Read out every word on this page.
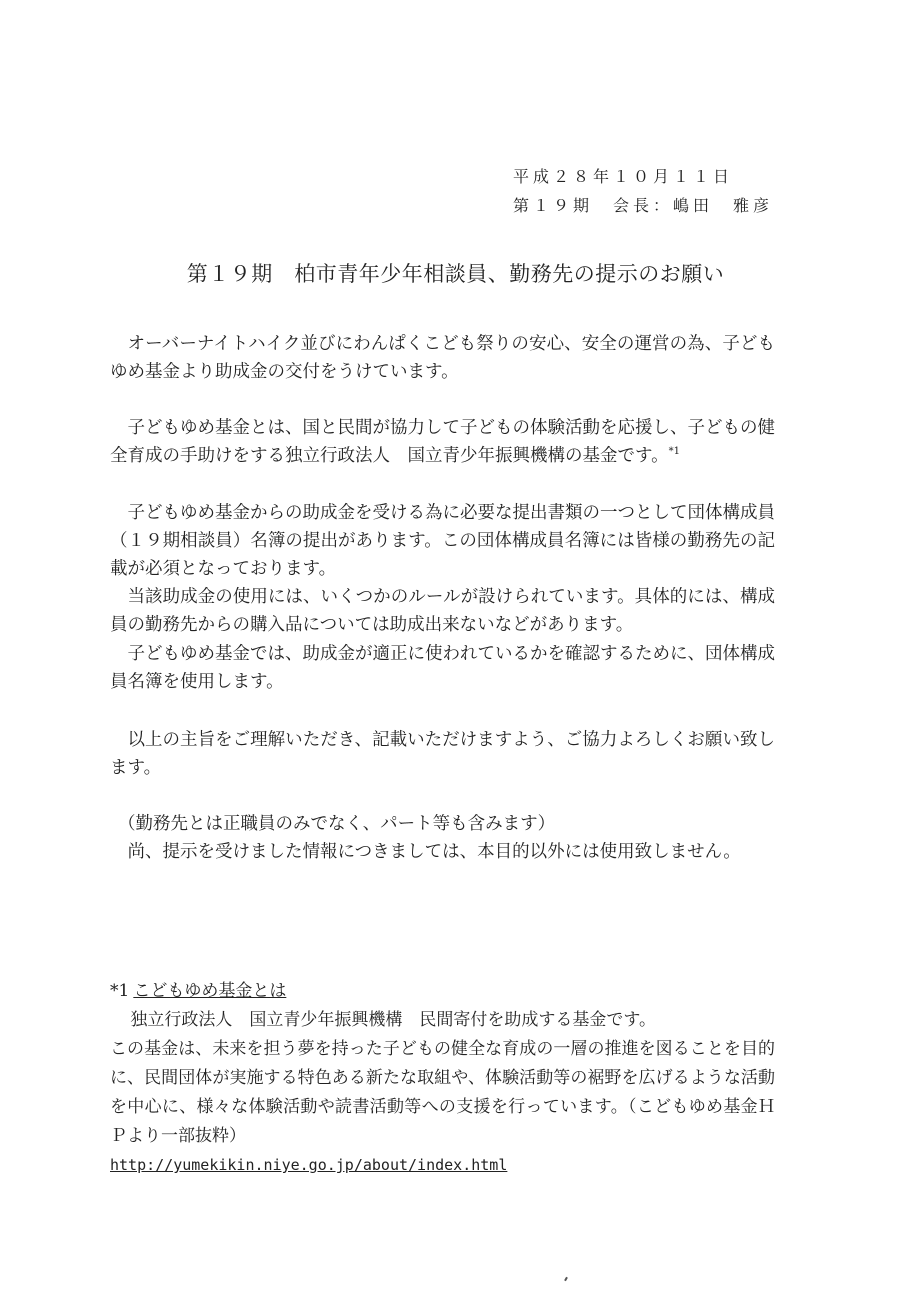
平成２８年１０月１１日
第１９期　会長：嶋田　雅彦
第１９期　柏市青年少年相談員、勤務先の提示のお願い
オーバーナイトハイク並びにわんぱくこども祭りの安心、安全の運営の為、子どもゆめ基金より助成金の交付をうけています。
子どもゆめ基金とは、国と民間が協力して子どもの体験活動を応援し、子どもの健全育成の手助けをする独立行政法人　国立青少年振興機構の基金です。$^{*1}$
子どもゆめ基金からの助成金を受ける為に必要な提出書類の一つとして団体構成員（１９期相談員）名簿の提出があります。この団体構成員名簿には皆様の勤務先の記載が必須となっております。
当該助成金の使用には、いくつかのルールが設けられています。具体的には、構成員の勤務先からの購入品については助成出来ないなどがあります。
子どもゆめ基金では、助成金が適正に使われているかを確認するために、団体構成員名簿を使用します。
以上の主旨をご理解いただき、記載いただけますよう、ご協力よろしくお願い致します。
（勤務先とは正職員のみでなく、パート等も含みます）
尚、提示を受けました情報につきましては、本目的以外には使用致しません。
*1 こどもゆめ基金とは
独立行政法人　国立青少年振興機構　民間寄付を助成する基金です。
この基金は、未来を担う夢を持った子どもの健全な育成の一層の推進を図ることを目的に、民間団体が実施する特色ある新たな取組や、体験活動等の裾野を広げるような活動を中心に、様々な体験活動や読書活動等への支援を行っています。（こどもゆめ基金ＨＰより一部抜粋）
http://yumekikin.niye.go.jp/about/index.html
